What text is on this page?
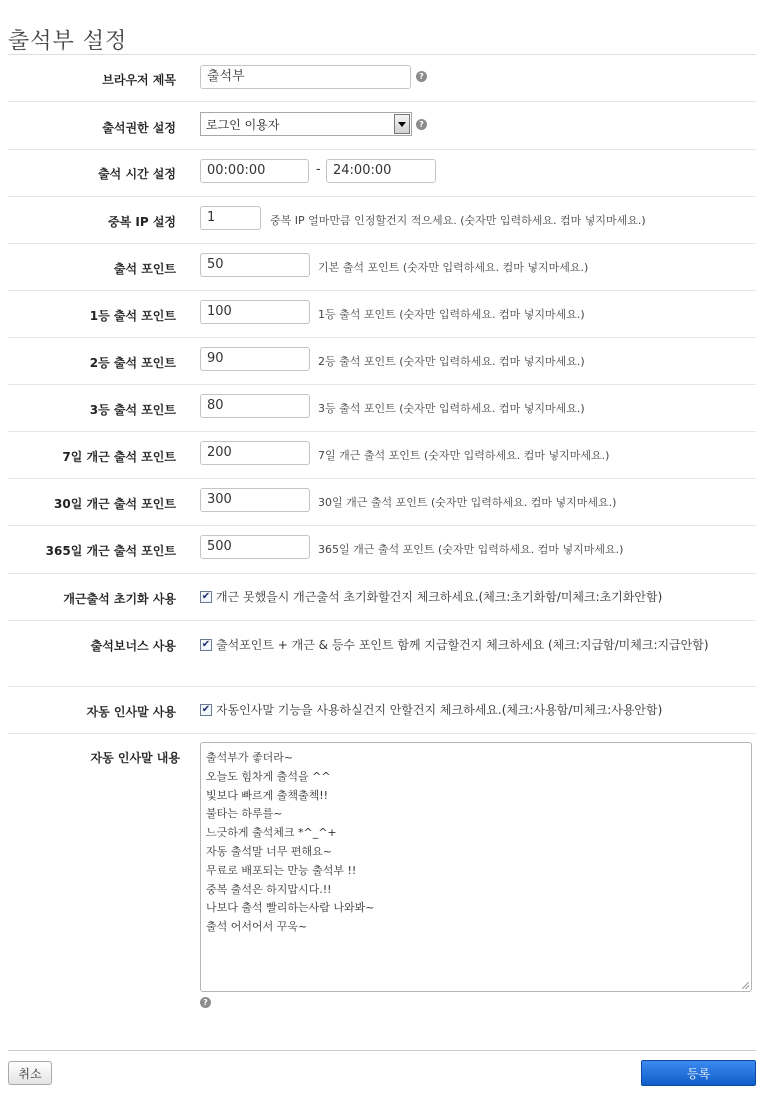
출석부 설정
브라우저 제목	출석부	?
출석권한 설정	로그인 이용자	?
출석 시간 설정	00:00:00	- 24:00:00
중복 IP 설정	1	중복 IP 얼마만큼 인정할건지 적으세요. (숫자만 입력하세요. 컴마 넣지마세요.)
출석 포인트	50	기본 출석 포인트 (숫자만 입력하세요. 컴마 넣지마세요.)
1등 출석 포인트	100	1등 출석 포인트 (숫자만 입력하세요. 컴마 넣지마세요.)
2등 출석 포인트	90	2등 출석 포인트 (숫자만 입력하세요. 컴마 넣지마세요.)
3등 출석 포인트	80	3등 출석 포인트 (숫자만 입력하세요. 컴마 넣지마세요.)
7일 개근 출석 포인트	200	7일 개근 출석 포인트 (숫자만 입력하세요. 컴마 넣지마세요.)
30일 개근 출석 포인트	300	30일 개근 출석 포인트 (숫자만 입력하세요. 컴마 넣지마세요.)
365일 개근 출석 포인트	500	365일 개근 출석 포인트 (숫자만 입력하세요. 컴마 넣지마세요.)
개근출석 초기화 사용	✔ 개근 못했을시 개근출석 초기화할건지 체크하세요.(체크:초기화함/미체크:초기화안함)
출석보너스 사용	✔ 출석포인트 + 개근 & 등수 포인트 함께 지급할건지 체크하세요 (체크:지급함/미체크:지급안함)
자동 인사말 사용	✔ 자동인사말 기능을 사용하실건지 안할건지 체크하세요.(체크:사용함/미체크:사용안함)
자동 인사말 내용 출석부가 좋더라~
오늘도 힘차게 출석을 ^^
빛보다 빠르게 출책출첵!!
불타는 하루를~
느긋하게 출석체크 *^_^+
자동 출석말 너무 편해요~
무료로 배포되는 만능 출석부 !!
중복 출석은 하지맙시다.!!
나보다 출석 빨리하는사람 나와봐~
출석 어서어서 꾸욱~
?
취소	등록
